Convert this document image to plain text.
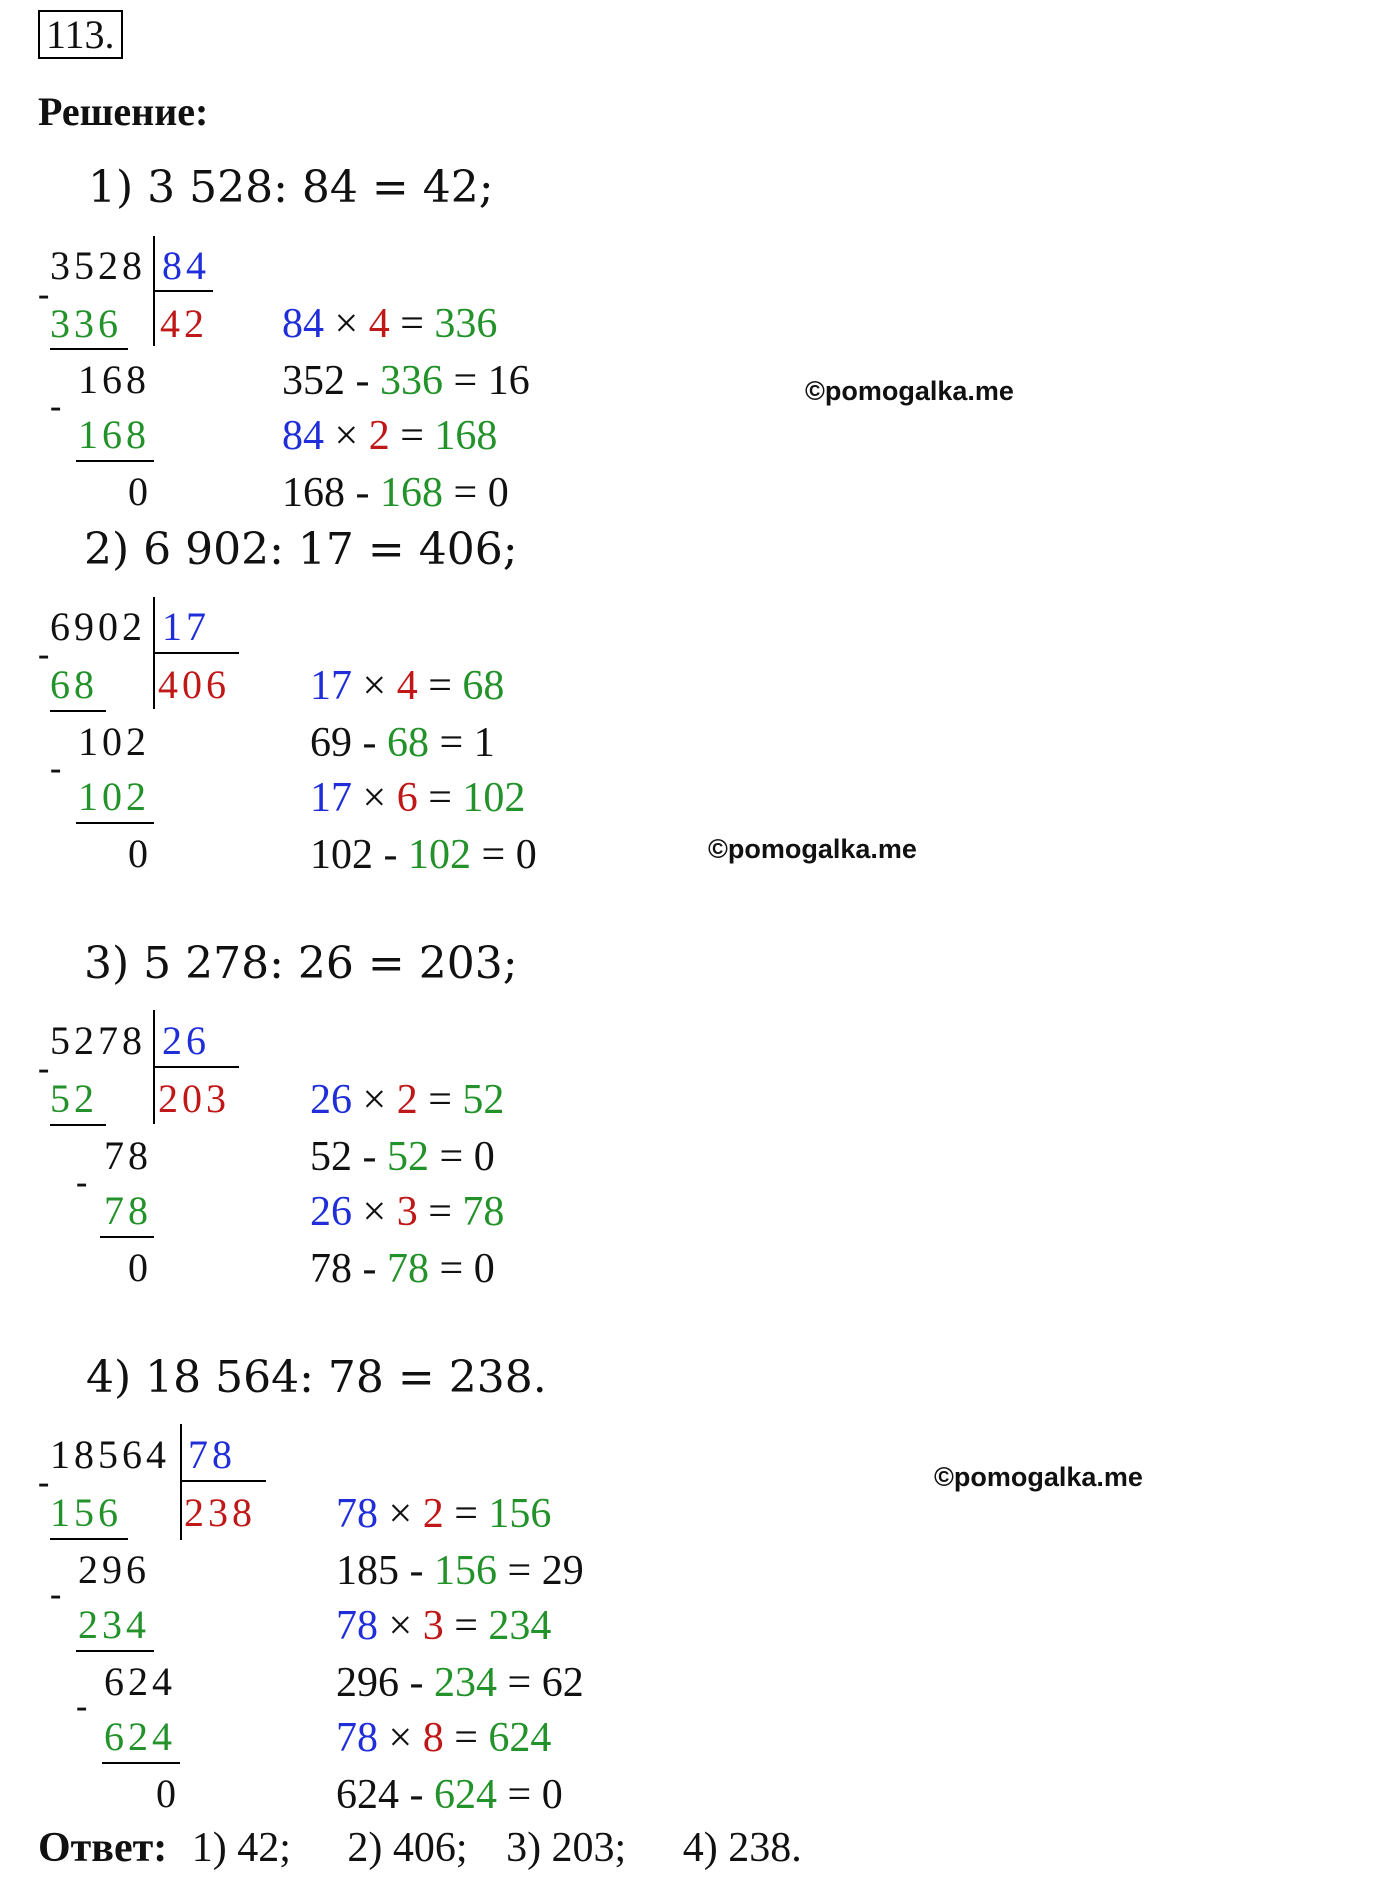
113.
Решение:
1) 3 528: 84 = 42;
3528 84
42
-
336
168
-
168
0
84 × 4 = 336
352 - 336 = 16
84 × 2 = 168
168 - 168 = 0
©pomogalka.me
2) 6 902: 17 = 406;
6902 17
406
-
68
102
-
102
0
17 × 4 = 68
69 - 68 = 1
17 × 6 = 102
102 - 102 = 0	©pomogalka.me
3) 5 278: 26 = 203;
5278 26
203
-
52
78
-
78
0
26 × 2 = 52
52 - 52 = 0
26 × 3 = 78
78 - 78 = 0
4) 18 564: 78 = 238.
18564 78
238
-
156
296
-
234
624
-
624
0
78 × 2 = 156
185 - 156 = 29
78 × 3 = 234
296 - 234 = 62
78 × 8 = 624
624 - 624 = 0
©pomogalka.me
Ответ: 1) 42; 2) 406; 3) 203; 4) 238.
